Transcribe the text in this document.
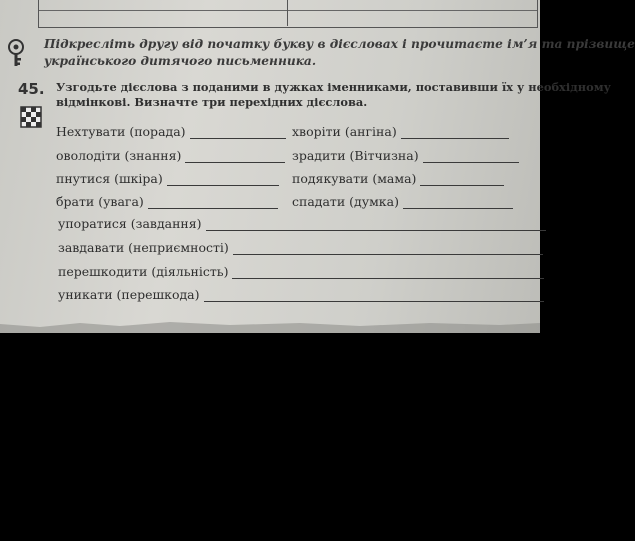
Підкресліть другу від початку букву в дієсловах і прочитаєте ім’я та прізвище
українського дитячого письменника.
45. Узгодьте дієслова з поданими в дужках іменниками, поставивши їх у необхідному
відмінкові. Визначте три перехідних дієслова.
Нехтувати (порада)
оволодіти (знання)
пнутися (шкіра)
брати (увага)
хворіти (ангіна)
зрадити (Вітчизна)
подякувати (мама)
спадати (думка)
упоратися (завдання)
завдавати (неприємності)
перешкодити (діяльність)
уникати (перешкода)
